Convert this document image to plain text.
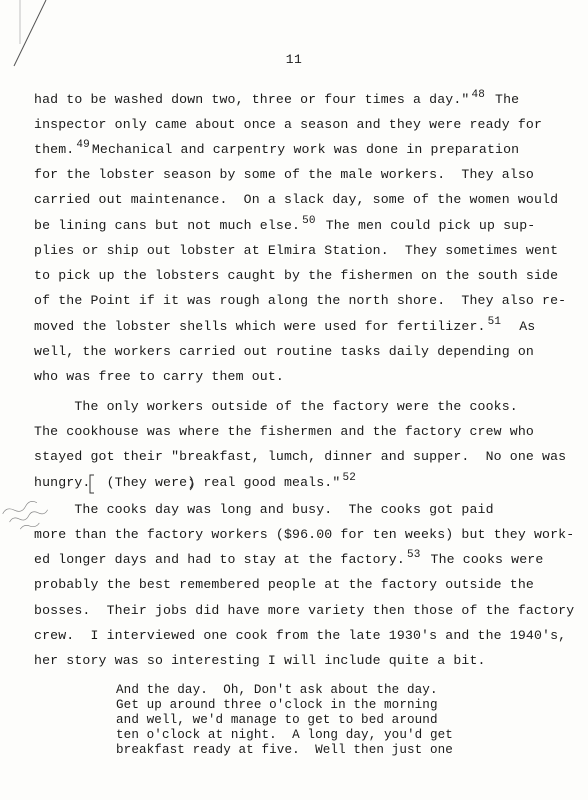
11
had to be washed down two, three or four times a day." $^{48}$ The
inspector only came about once a season and they were ready for
them. $^{49}$ Mechanical and carpentry work was done in preparation
for the lobster season by some of the male workers.  They also
carried out maintenance.  On a slack day, some of the women would
be lining cans but not much else. $^{50}$ The men could pick up sup-
plies or ship out lobster at Elmira Station.  They sometimes went
to pick up the lobsters caught by the fishermen on the south side
of the Point if it was rough along the north shore.  They also re-
moved the lobster shells which were used for fertilizer. $^{51}$  As
well, the workers carried out routine tasks daily depending on
who was free to carry them out.
The only workers outside of the factory were the cooks.
The cookhouse was where the fishermen and the factory crew who
stayed got their "breakfast, lumch, dinner and supper.  No one was
hungry.  (They were) real good meals." $^{52}$
The cooks day was long and busy.  The cooks got paid
more than the factory workers ($96.00 for ten weeks) but they work-
ed longer days and had to stay at the factory. $^{53}$ The cooks were
probably the best remembered people at the factory outside the
bosses.  Their jobs did have more variety then those of the factory
crew.  I interviewed one cook from the late 1930's and the 1940's,
her story was so interesting I will include quite a bit.
And the day.  Oh, Don't ask about the day.
Get up around three o'clock in the morning
and well, we'd manage to get to bed around
ten o'clock at night.  A long day, you'd get
breakfast ready at five.  Well then just one
